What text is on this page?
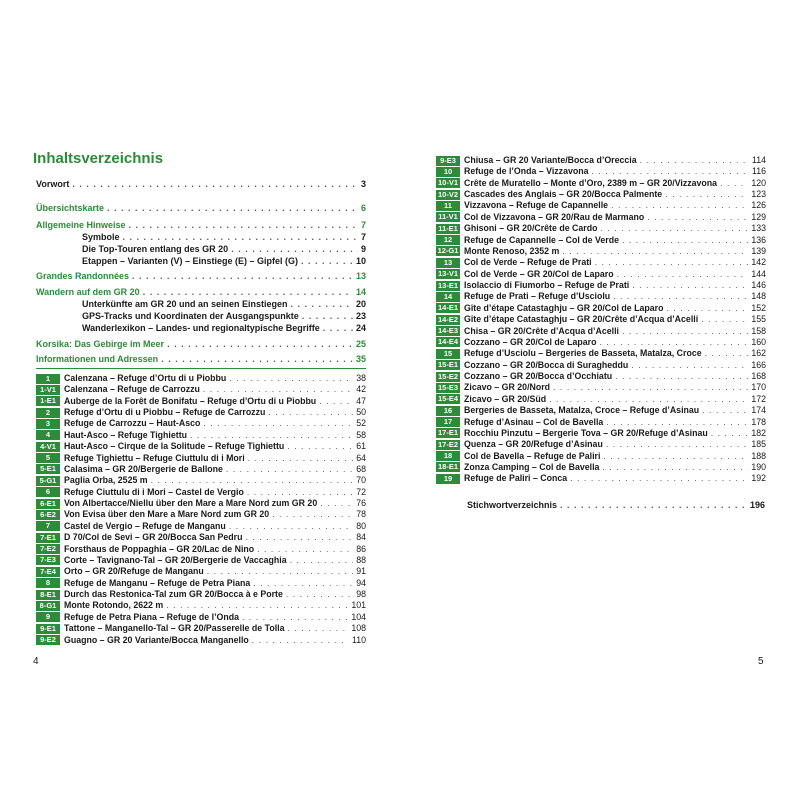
Inhaltsverzeichnis
Vorwort . . .	3
Übersichtskarte . . .	6
Allgemeine Hinweise . . .	7
Symbole . . .	7
Die Top-Touren entlang des GR 20 . . .	9
Etappen – Varianten (V) – Einstiege (E) – Gipfel (G) . . .	10
Grandes Randonnées . . .	13
Wandern auf dem GR 20 . . .	14
Unterkünfte am GR 20 und an seinen Einstiegen . . .	20
GPS-Tracks und Koordinaten der Ausgangspunkte . . .	23
Wanderlexikon – Landes- und regionaltypische Begriffe . . .	24
Korsika: Das Gebirge im Meer . . .	25
Informationen und Adressen . . .	35
1	Calenzana – Refuge d’Ortu di u Piobbu . . .	38
1-V1 Calenzana – Refuge de Carrozzu . . .	42
1-E1 Auberge de la Forêt de Bonifatu – Refuge d’Ortu di u Piobbu . . .	47
2	Refuge d’Ortu di u Piobbu – Refuge de Carrozzu . . .	50
3	Refuge de Carrozzu – Haut-Asco . . .	52
4	Haut-Asco – Refuge Tighiettu . . .	58
4-V1 Haut-Asco – Cirque de la Solitude – Refuge Tighiettu . . .	61
5	Refuge Tighiettu – Refuge Ciuttulu di i Mori . . .	64
5-E1 Calasima – GR 20/Bergerie de Ballone . . .	68
5-G1 Paglia Orba, 2525 m . . .	70
6	Refuge Ciuttulu di i Mori – Castel de Vergio . . .	72
6-E1 Von Albertacce/Niellu über den Mare a Mare Nord zum GR 20 . . .	76
6-E2 Von Evisa über den Mare a Mare Nord zum GR 20 . . .	78
7	Castel de Vergio – Refuge de Manganu . . .	80
7-E1 D 70/Col de Sevi – GR 20/Bocca San Pedru . . .	84
7-E2 Forsthaus de Poppaghia – GR 20/Lac de Nino . . .	86
7-E3 Corte – Tavignano-Tal – GR 20/Bergerie de Vaccaghia . . .	88
7-E4 Orto – GR 20/Refuge de Manganu . . .	91
8	Refuge de Manganu – Refuge de Petra Piana . . .	94
8-E1 Durch das Restonica-Tal zum GR 20/Bocca à e Porte . . .	98
8-G1 Monte Rotondo, 2622 m . . .	101
9	Refuge de Petra Piana – Refuge de l’Onda . . .	104
9-E1 Tattone – Manganello-Tal – GR 20/Passerelle de Tolla . . .	108
9-E2 Guagno – GR 20 Variante/Bocca Manganello . . .	110
4
9-E3 Chiusa – GR 20 Variante/Bocca d’Oreccia . . .	114
10	Refuge de l’Onda – Vizzavona . . .	116
10-V1 Crête de Muratello – Monte d’Oro, 2389 m – GR 20/Vizzavona . . .	120
10-V2 Cascades des Anglais – GR 20/Bocca Palmente . . .	123
11	Vizzavona – Refuge de Capannelle . . .	126
11-V1 Col de Vizzavona – GR 20/Rau de Marmano . . .	129
11-E1 Ghisoni – GR 20/Crête de Cardo . . .	133
12	Refuge de Capannelle – Col de Verde . . .	136
12-G1 Monte Renoso, 2352 m . . .	139
13	Col de Verde – Refuge de Prati . . .	142
13-V1 Col de Verde – GR 20/Col de Laparo . . .	144
13-E1 Isolaccio di Fiumorbo – Refuge de Prati . . .	146
14	Refuge de Prati – Refuge d’Usciolu . . .	148
14-E1 Gîte d’étape Catastaghju – GR 20/Col de Laparo . . .	152
14-E2 Gîte d’étape Catastaghju – GR 20/Crête d’Acqua d’Acelli . . .	155
14-E3 Chisa – GR 20/Crête d’Acqua d’Acelli . . .	158
14-E4 Cozzano – GR 20/Col de Laparo . . .	160
15	Refuge d’Usciolu – Bergeries de Basseta, Matalza, Croce . . .	162
15-E1 Cozzano – GR 20/Bocca di Suragheddu . . .	166
15-E2 Cozzano – GR 20/Bocca d’Occhiatu . . .	168
15-E3 Zicavo – GR 20/Nord . . .	170
15-E4 Zicavo – GR 20/Süd . . .	172
16	Bergeries de Basseta, Matalza, Croce – Refuge d’Asinau . . .	174
17	Refuge d’Asinau – Col de Bavella . . .	178
17-E1 Rocchiu Pinzutu – Bergerie Tova – GR 20/Refuge d’Asinau . . .	182
17-E2 Quenza – GR 20/Refuge d’Asinau . . .	185
18	Col de Bavella – Refuge de Paliri . . .	188
18-E1 Zonza Camping – Col de Bavella . . .	190
19	Refuge de Paliri – Conca . . .	192
Stichwortverzeichnis . . .	196
5
